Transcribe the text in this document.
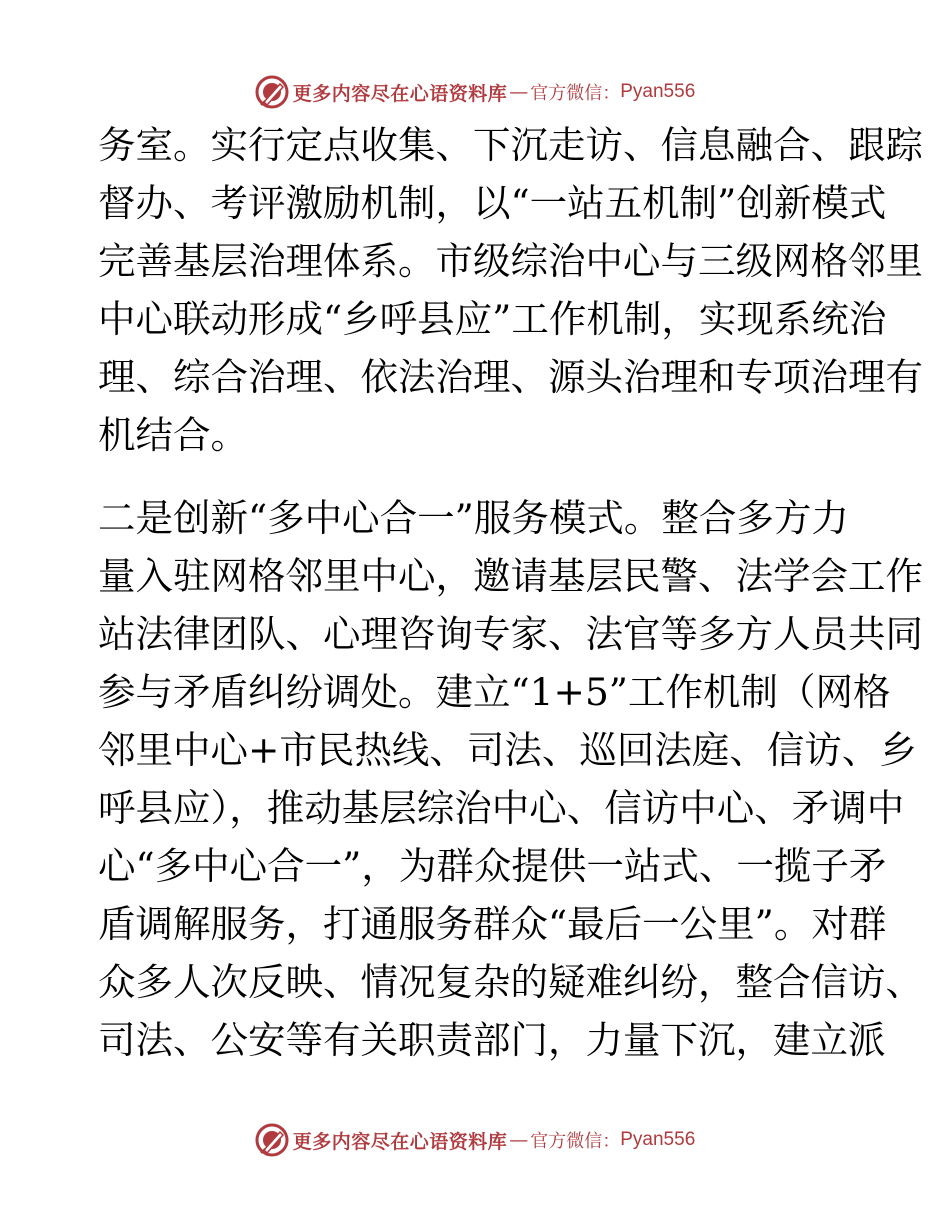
更多内容尽在心语资料库 — 官方微信： Pyan556
务室。实行定点收集、下沉走访、信息融合、跟踪
督办、考评激励机制，以“一站五机制”创新模式
完善基层治理体系。市级综治中心与三级网格邻里
中心联动形成“乡呼县应”工作机制，实现系统治
理、综合治理、依法治理、源头治理和专项治理有
机结合。
二是创新“多中心合一”服务模式。整合多方力
量入驻网格邻里中心，邀请基层民警、法学会工作
站法律团队、心理咨询专家、法官等多方人员共同
参与矛盾纠纷调处。建立“1+5”工作机制（网格
邻里中心+市民热线、司法、巡回法庭、信访、乡
呼县应），推动基层综治中心、信访中心、矛调中
心“多中心合一”，为群众提供一站式、一揽子矛
盾调解服务，打通服务群众“最后一公里”。对群
众多人次反映、情况复杂的疑难纠纷，整合信访、
司法、公安等有关职责部门，力量下沉，建立派
更多内容尽在心语资料库 — 官方微信： Pyan556
